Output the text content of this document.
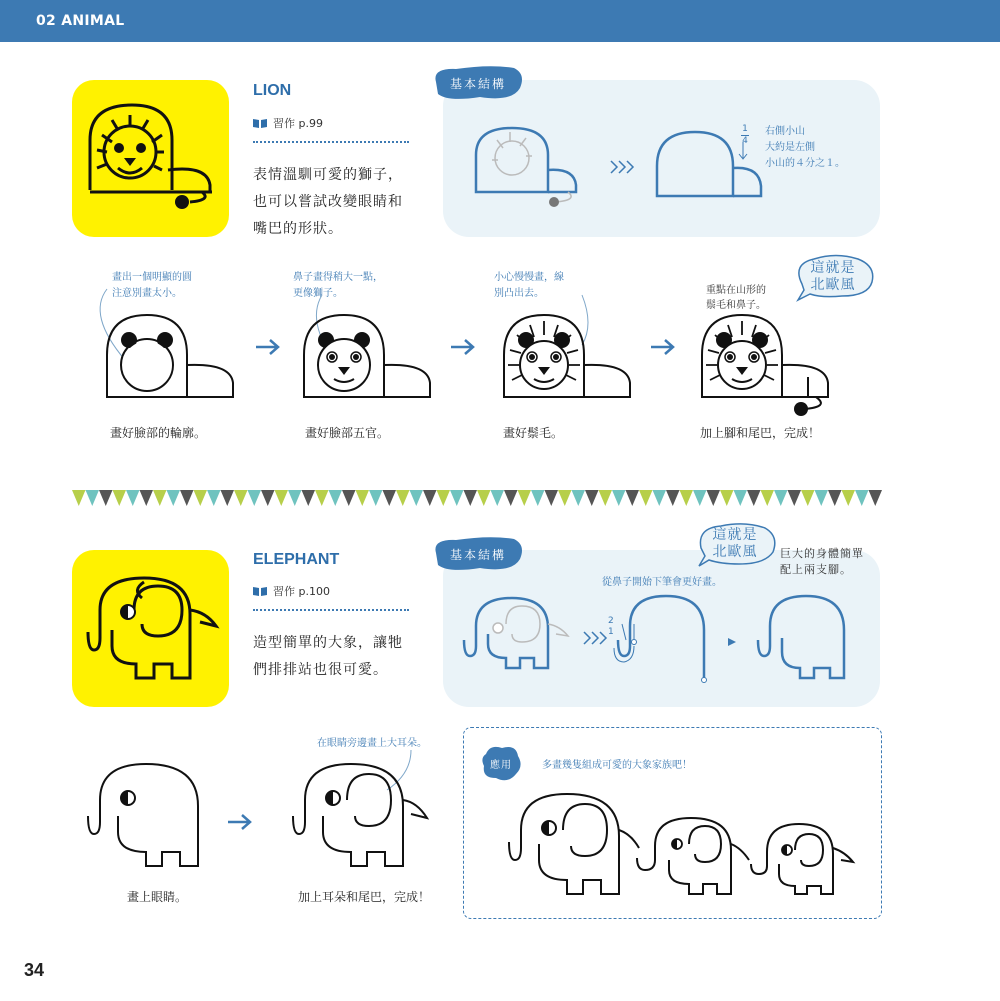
02 ANIMAL
LION
習作 p.99
表情溫馴可愛的獅子，
也可以嘗試改變眼睛和
嘴巴的形狀。
基本結構
1
4
右側小山
大約是左側
小山的４分之１。
畫出一個明顯的圓
注意別畫太小。
畫好臉部的輪廓。
鼻子畫得稍大一點，
更像獅子。
畫好臉部五官。
小心慢慢畫，線
別凸出去。
畫好鬃毛。
這就是
北歐風
重點在山形的
鬃毛和鼻子。
加上腳和尾巴，完成！
ELEPHANT
習作 p.100
造型簡單的大象，讓牠
們排排站也很可愛。
基本結構
這就是
北歐風	巨大的身體簡單
配上兩支腳。
從鼻子開始下筆會更好畫。
2
1
畫上眼睛。
在眼睛旁邊畫上大耳朵。
加上耳朵和尾巴，完成！
應用	多畫幾隻組成可愛的大象家族吧！
34
